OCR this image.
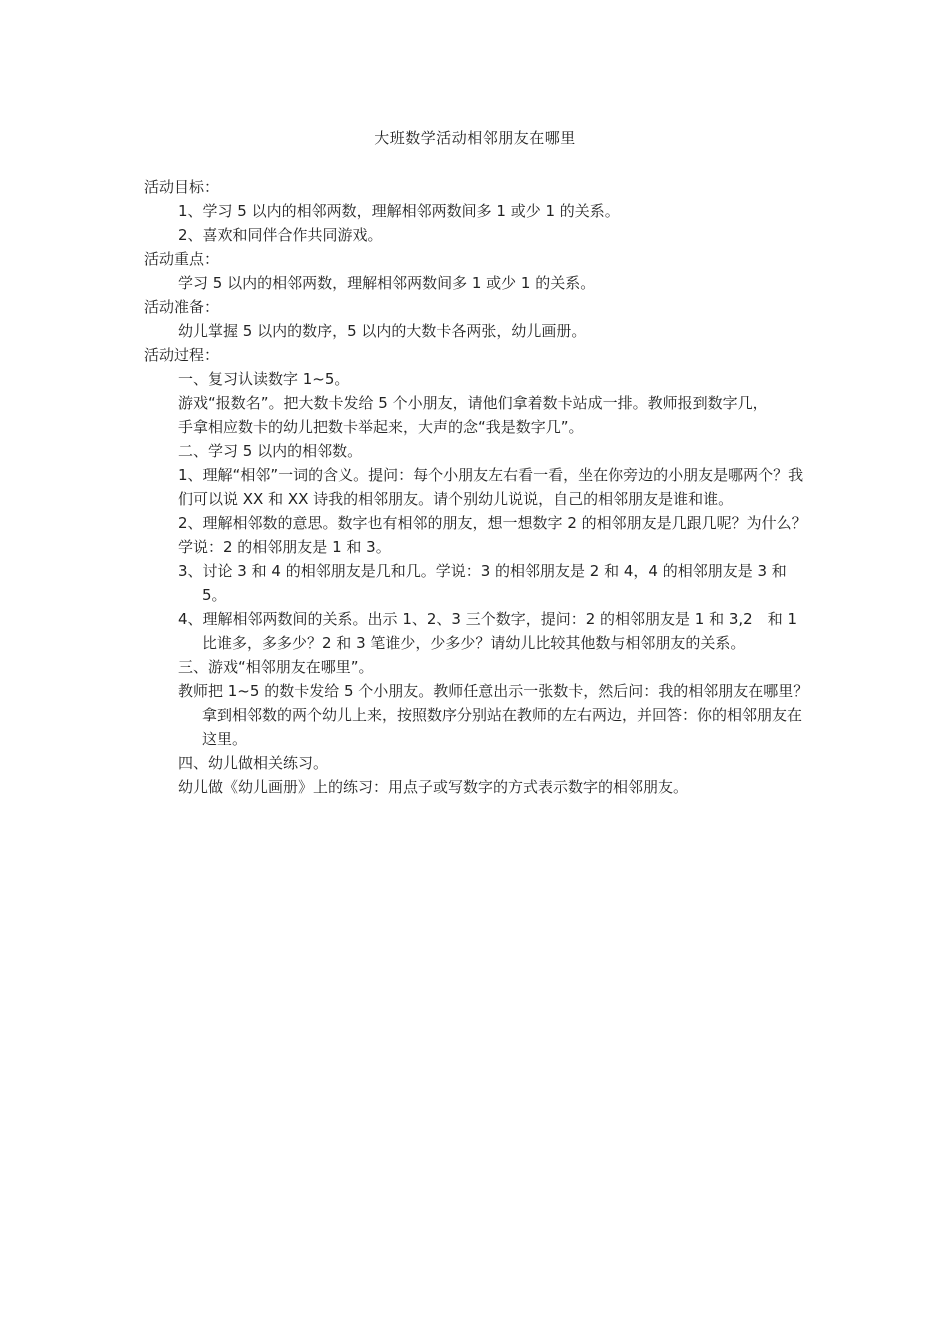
大班数学活动相邻朋友在哪里

活动目标：

1、学习 5 以内的相邻两数，理解相邻两数间多 1 或少 1 的关系。

2、喜欢和同伴合作共同游戏。

活动重点：

学习 5 以内的相邻两数，理解相邻两数间多 1 或少 1 的关系。

活动准备：

幼儿掌握 5 以内的数序，5 以内的大数卡各两张，幼儿画册。

活动过程：

一、复习认读数字 1~5。

游戏“报数名”。把大数卡发给 5 个小朋友，请他们拿着数卡站成一排。教师报到数字几，

手拿相应数卡的幼儿把数卡举起来，大声的念“我是数字几”。

二、学习 5 以内的相邻数。

1、理解“相邻”一词的含义。提问：每个小朋友左右看一看，坐在你旁边的小朋友是哪两个？我们可以说 XX 和 XX 诗我的相邻朋友。请个别幼儿说说，自己的相邻朋友是谁和谁。

2、理解相邻数的意思。数字也有相邻的朋友，想一想数字 2 的相邻朋友是几跟几呢？为什么？学说：2 的相邻朋友是 1 和 3。

3、讨论 3 和 4 的相邻朋友是几和几。学说：3 的相邻朋友是 2 和 4，4 的相邻朋友是 3 和 5。

4、理解相邻两数间的关系。出示 1、2、3 三个数字，提问：2 的相邻朋友是 1 和 3,2　和 1 比谁多，多多少？2 和 3 笔谁少，少多少？请幼儿比较其他数与相邻朋友的关系。

三、游戏“相邻朋友在哪里”。

教师把 1~5 的数卡发给 5 个小朋友。教师任意出示一张数卡，然后问：我的相邻朋友在哪里？拿到相邻数的两个幼儿上来，按照数序分别站在教师的左右两边，并回答：你的相邻朋友在这里。

四、幼儿做相关练习。

幼儿做《幼儿画册》上的练习：用点子或写数字的方式表示数字的相邻朋友。
